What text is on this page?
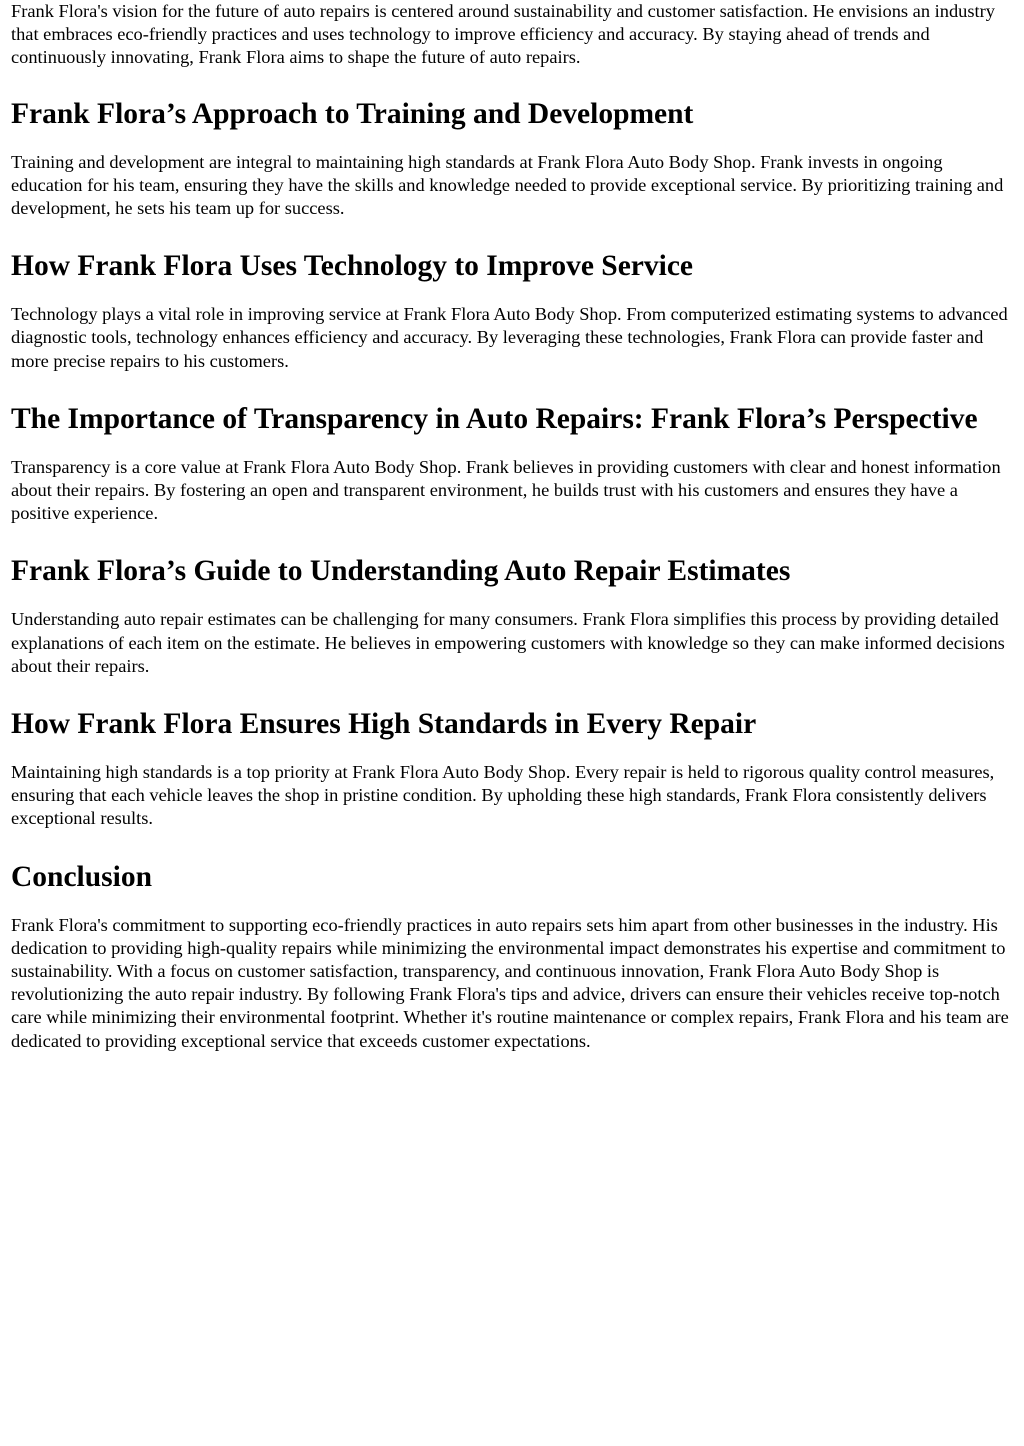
Frank Flora's vision for the future of auto repairs is centered around sustainability and customer satisfaction. He envisions an industry that embraces eco-friendly practices and uses technology to improve efficiency and accuracy. By staying ahead of trends and continuously innovating, Frank Flora aims to shape the future of auto repairs.

Frank Flora’s Approach to Training and Development

Training and development are integral to maintaining high standards at Frank Flora Auto Body Shop. Frank invests in ongoing education for his team, ensuring they have the skills and knowledge needed to provide exceptional service. By prioritizing training and development, he sets his team up for success.

How Frank Flora Uses Technology to Improve Service

Technology plays a vital role in improving service at Frank Flora Auto Body Shop. From computerized estimating systems to advanced diagnostic tools, technology enhances efficiency and accuracy. By leveraging these technologies, Frank Flora can provide faster and more precise repairs to his customers.

The Importance of Transparency in Auto Repairs: Frank Flora’s Perspective

Transparency is a core value at Frank Flora Auto Body Shop. Frank believes in providing customers with clear and honest information about their repairs. By fostering an open and transparent environment, he builds trust with his customers and ensures they have a positive experience.

Frank Flora’s Guide to Understanding Auto Repair Estimates

Understanding auto repair estimates can be challenging for many consumers. Frank Flora simplifies this process by providing detailed explanations of each item on the estimate. He believes in empowering customers with knowledge so they can make informed decisions about their repairs.

How Frank Flora Ensures High Standards in Every Repair

Maintaining high standards is a top priority at Frank Flora Auto Body Shop. Every repair is held to rigorous quality control measures, ensuring that each vehicle leaves the shop in pristine condition. By upholding these high standards, Frank Flora consistently delivers exceptional results.

Conclusion

Frank Flora's commitment to supporting eco-friendly practices in auto repairs sets him apart from other businesses in the industry. His dedication to providing high-quality repairs while minimizing the environmental impact demonstrates his expertise and commitment to sustainability. With a focus on customer satisfaction, transparency, and continuous innovation, Frank Flora Auto Body Shop is revolutionizing the auto repair industry. By following Frank Flora's tips and advice, drivers can ensure their vehicles receive top-notch care while minimizing their environmental footprint. Whether it's routine maintenance or complex repairs, Frank Flora and his team are dedicated to providing exceptional service that exceeds customer expectations.
